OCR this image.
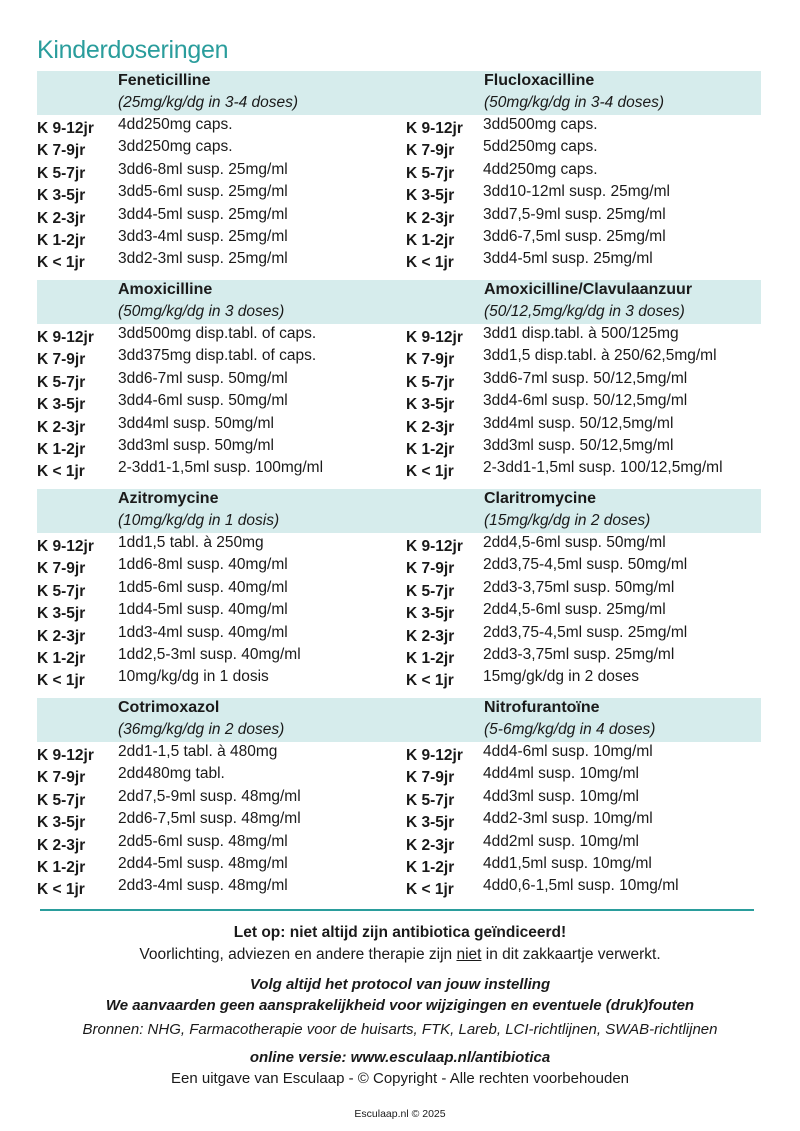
Kinderdoseringen
Feneticilline
(25mg/kg/dg in 3-4 doses)
K 9-12jr 4dd250mg caps.
K 7-9jr 3dd250mg caps.
K 5-7jr 3dd6-8ml susp. 25mg/ml
K 3-5jr 3dd5-6ml susp. 25mg/ml
K 2-3jr 3dd4-5ml susp. 25mg/ml
K 1-2jr 3dd3-4ml susp. 25mg/ml
K < 1jr 3dd2-3ml susp. 25mg/ml
Flucloxacilline
(50mg/kg/dg in 3-4 doses)
K 9-12jr 3dd500mg caps.
K 7-9jr 5dd250mg caps.
K 5-7jr 4dd250mg caps.
K 3-5jr 3dd10-12ml susp. 25mg/ml
K 2-3jr 3dd7,5-9ml susp. 25mg/ml
K 1-2jr 3dd6-7,5ml susp. 25mg/ml
K < 1jr 3dd4-5ml susp. 25mg/ml
Amoxicilline
(50mg/kg/dg in 3 doses)
K 9-12jr 3dd500mg disp.tabl. of caps.
K 7-9jr 3dd375mg disp.tabl. of caps.
K 5-7jr 3dd6-7ml susp. 50mg/ml
K 3-5jr 3dd4-6ml susp. 50mg/ml
K 2-3jr 3dd4ml susp. 50mg/ml
K 1-2jr 3dd3ml susp. 50mg/ml
K < 1jr 2-3dd1-1,5ml susp. 100mg/ml
Amoxicilline/Clavulaanzuur
(50/12,5mg/kg/dg in 3 doses)
K 9-12jr 3dd1 disp.tabl. à 500/125mg
K 7-9jr 3dd1,5 disp.tabl. à 250/62,5mg/ml
K 5-7jr 3dd6-7ml susp. 50/12,5mg/ml
K 3-5jr 3dd4-6ml susp. 50/12,5mg/ml
K 2-3jr 3dd4ml susp. 50/12,5mg/ml
K 1-2jr 3dd3ml susp. 50/12,5mg/ml
K < 1jr 2-3dd1-1,5ml susp. 100/12,5mg/ml
Azitromycine
(10mg/kg/dg in 1 dosis)
K 9-12jr 1dd1,5 tabl. à 250mg
K 7-9jr 1dd6-8ml susp. 40mg/ml
K 5-7jr 1dd5-6ml susp. 40mg/ml
K 3-5jr 1dd4-5ml susp. 40mg/ml
K 2-3jr 1dd3-4ml susp. 40mg/ml
K 1-2jr 1dd2,5-3ml susp. 40mg/ml
K < 1jr 10mg/kg/dg in 1 dosis
Claritromycine
(15mg/kg/dg in 2 doses)
K 9-12jr 2dd4,5-6ml susp. 50mg/ml
K 7-9jr 2dd3,75-4,5ml susp. 50mg/ml
K 5-7jr 2dd3-3,75ml susp. 50mg/ml
K 3-5jr 2dd4,5-6ml susp. 25mg/ml
K 2-3jr 2dd3,75-4,5ml susp. 25mg/ml
K 1-2jr 2dd3-3,75ml susp. 25mg/ml
K < 1jr 15mg/gk/dg in 2 doses
Cotrimoxazol
(36mg/kg/dg in 2 doses)
K 9-12jr 2dd1-1,5 tabl. à 480mg
K 7-9jr 2dd480mg tabl.
K 5-7jr 2dd7,5-9ml susp. 48mg/ml
K 3-5jr 2dd6-7,5ml susp. 48mg/ml
K 2-3jr 2dd5-6ml susp. 48mg/ml
K 1-2jr 2dd4-5ml susp. 48mg/ml
K < 1jr 2dd3-4ml susp. 48mg/ml
Nitrofurantoïne
(5-6mg/kg/dg in 4 doses)
K 9-12jr 4dd4-6ml susp. 10mg/ml
K 7-9jr 4dd4ml susp. 10mg/ml
K 5-7jr 4dd3ml susp. 10mg/ml
K 3-5jr 4dd2-3ml susp. 10mg/ml
K 2-3jr 4dd2ml susp. 10mg/ml
K 1-2jr 4dd1,5ml susp. 10mg/ml
K < 1jr 4dd0,6-1,5ml susp. 10mg/ml
Let op: niet altijd zijn antibiotica geïndiceerd!
Voorlichting, adviezen en andere therapie zijn niet in dit zakkaartje verwerkt.
Volg altijd het protocol van jouw instelling
We aanvaarden geen aansprakelijkheid voor wijzigingen en eventuele (druk)fouten
Bronnen: NHG, Farmacotherapie voor de huisarts, FTK, Lareb, LCI-richtlijnen, SWAB-richtlijnen
online versie: www.esculaap.nl/antibiotica
Een uitgave van Esculaap - © Copyright - Alle rechten voorbehouden
Esculaap.nl © 2025
